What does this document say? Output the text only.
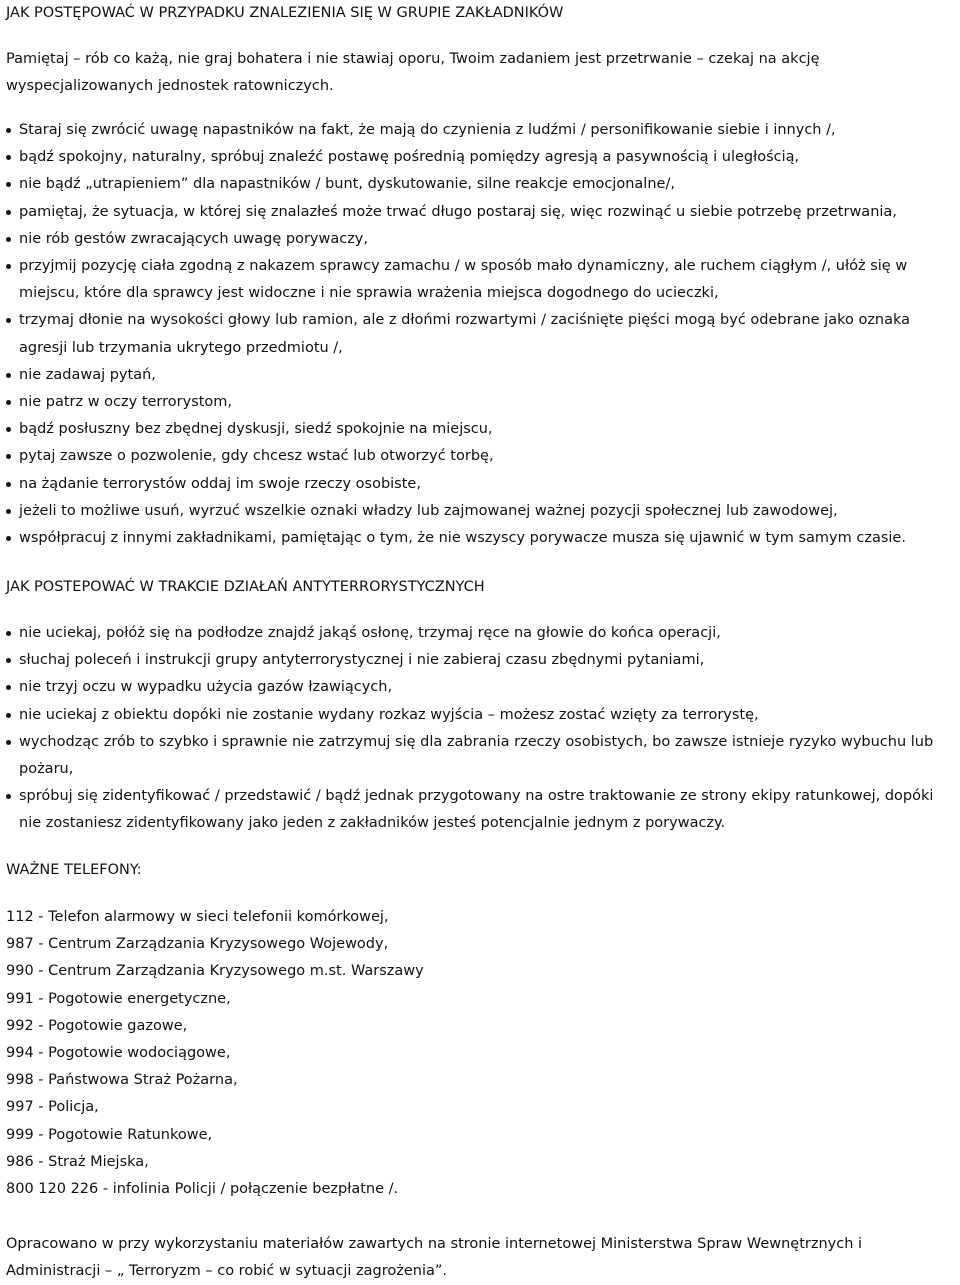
JAK POSTĘPOWAĆ W PRZYPADKU ZNALEZIENIA SIĘ W GRUPIE ZAKŁADNIKÓW

Pamiętaj – rób co każą, nie graj bohatera i nie stawiaj oporu, Twoim zadaniem jest przetrwanie – czekaj na akcję wyspecjalizowanych jednostek ratowniczych.

Staraj się zwrócić uwagę napastników na fakt, że mają do czynienia z ludźmi / personifikowanie siebie i innych /,
bądź spokojny, naturalny, spróbuj znaleźć postawę pośrednią pomiędzy agresją a pasywnością i uległością,
nie bądź „utrapieniem” dla napastników / bunt, dyskutowanie, silne reakcje emocjonalne/,
pamiętaj, że sytuacja, w której się znalazłeś może trwać długo postaraj się, więc rozwinąć u siebie potrzebę przetrwania,
nie rób gestów zwracających uwagę porywaczy,
przyjmij pozycję ciała zgodną z nakazem sprawcy zamachu / w sposób mało dynamiczny, ale ruchem ciągłym /, ułóż się w miejscu, które dla sprawcy jest widoczne i nie sprawia wrażenia miejsca dogodnego do ucieczki,
trzymaj dłonie na wysokości głowy lub ramion, ale z dłońmi rozwartymi / zaciśnięte pięści mogą być odebrane jako oznaka agresji lub trzymania ukrytego przedmiotu /,
nie zadawaj pytań,
nie patrz w oczy terrorystom,
bądź posłuszny bez zbędnej dyskusji, siedź spokojnie na miejscu,
pytaj zawsze o pozwolenie, gdy chcesz wstać lub otworzyć torbę,
na żądanie terrorystów oddaj im swoje rzeczy osobiste,
jeżeli to możliwe usuń, wyrzuć wszelkie oznaki władzy lub zajmowanej ważnej pozycji społecznej lub zawodowej,
współpracuj z innymi zakładnikami, pamiętając o tym, że nie wszyscy porywacze musza się ujawnić w tym samym czasie.
JAK POSTEPOWAĆ W TRAKCIE DZIAŁAŃ ANTYTERRORYSTYCZNYCH
nie uciekaj, połóż się na podłodze znajdź jakąś osłonę, trzymaj ręce na głowie do końca operacji,
słuchaj poleceń i instrukcji grupy antyterrorystycznej i nie zabieraj czasu zbędnymi pytaniami,
nie trzyj oczu w wypadku użycia gazów łzawiących,
nie uciekaj z obiektu dopóki nie zostanie wydany rozkaz wyjścia – możesz zostać wzięty za terrorystę,
wychodząc zrób to szybko i sprawnie nie zatrzymuj się dla zabrania rzeczy osobistych, bo zawsze istnieje ryzyko wybuchu lub pożaru,
spróbuj się zidentyfikować / przedstawić / bądź jednak przygotowany na ostre traktowanie ze strony ekipy ratunkowej, dopóki nie zostaniesz zidentyfikowany jako jeden z zakładników jesteś potencjalnie jednym z porywaczy.
WAŻNE TELEFONY:
112 - Telefon alarmowy w sieci telefonii komórkowej,
987 - Centrum Zarządzania Kryzysowego Wojewody,
990 - Centrum Zarządzania Kryzysowego m.st. Warszawy
991 - Pogotowie energetyczne,
992 - Pogotowie gazowe,
994 - Pogotowie wodociągowe,
998 - Państwowa Straż Pożarna,
997 - Policja,
999 - Pogotowie Ratunkowe,
986 - Straż Miejska,
800 120 226 - infolinia Policji / połączenie bezpłatne /.

Opracowano w przy wykorzystaniu materiałów zawartych na stronie internetowej Ministerstwa Spraw Wewnętrznych i Administracji – „ Terroryzm – co robić w sytuacji zagrożenia”.
